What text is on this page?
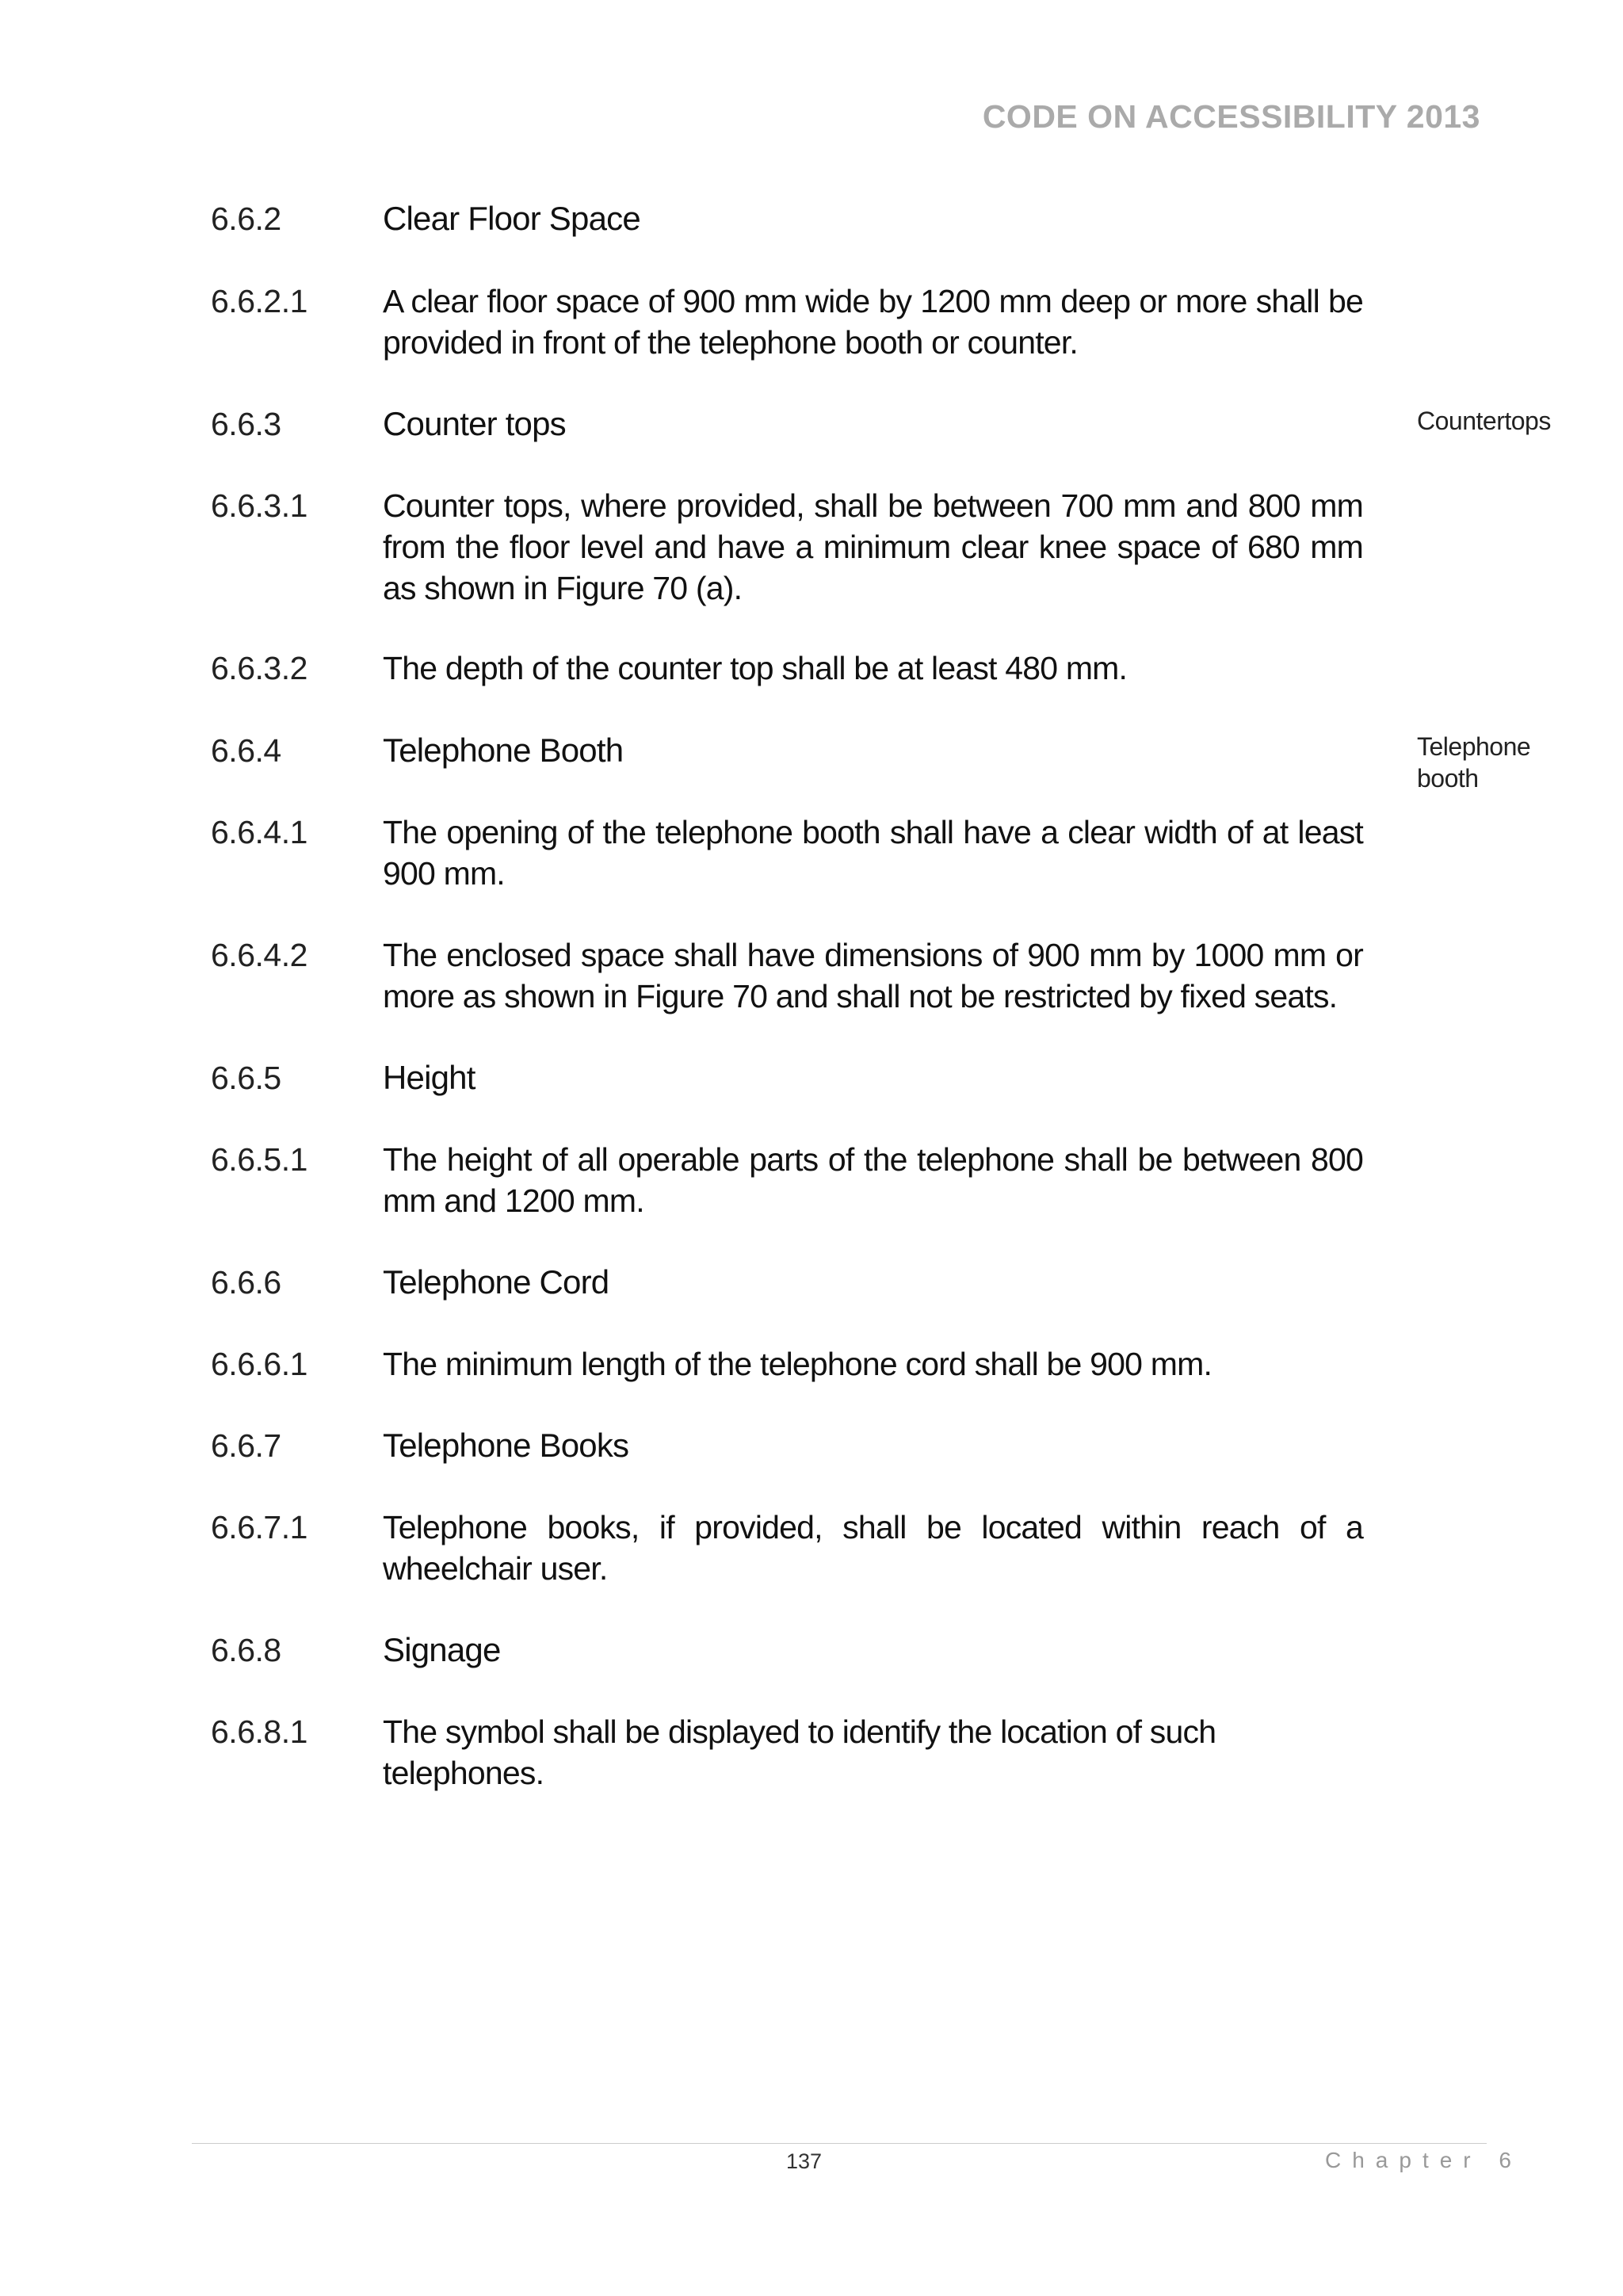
CODE ON ACCESSIBILITY 2013
6.6.2	Clear Floor Space
6.6.2.1 A clear floor space of 900 mm wide by 1200 mm deep or more shall be provided in front of the telephone booth or counter.
6.6.3	Counter tops	Countertops
6.6.3.1 Counter tops, where provided, shall be between 700 mm and 800 mm from the floor level and have a minimum clear knee space of 680 mm as shown in Figure 70 (a).
6.6.3.2 The depth of the counter top shall be at least 480 mm.
6.6.4	Telephone Booth	Telephone booth
6.6.4.1 The opening of the telephone booth shall have a clear width of at least 900 mm.
6.6.4.2 The enclosed space shall have dimensions of 900 mm by 1000 mm or more as shown in Figure 70 and shall not be restricted by fixed seats.
6.6.5	Height
6.6.5.1 The height of all operable parts of the telephone shall be between 800 mm and 1200 mm.
6.6.6	Telephone Cord
6.6.6.1 The minimum length of the telephone cord shall be 900 mm.
6.6.7	Telephone Books
6.6.7.1 Telephone books, if provided, shall be located within reach of a wheelchair user.
6.6.8	Signage
6.6.8.1 The symbol shall be displayed to identify the location of such telephones.
137	Chapter 6
